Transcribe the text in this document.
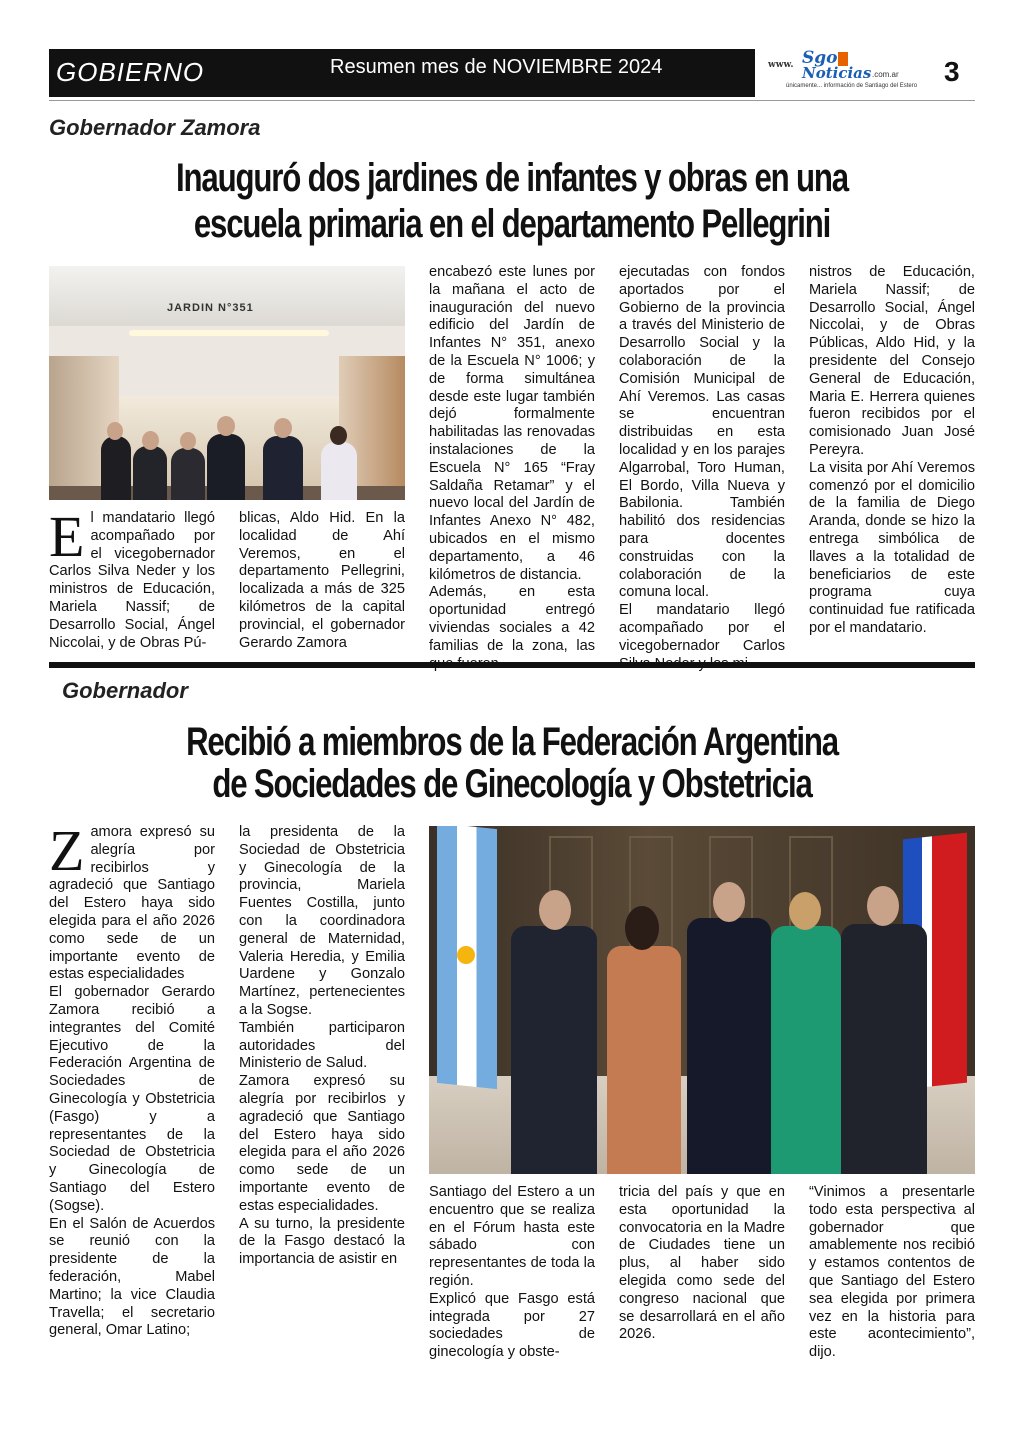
GOBIERNO	Resumen mes de NOVIEMBRE 2024	www. Sgo
Noticias .com.ar
únicamente... información de Santiago del Estero 3
Gobernador Zamora
Inauguró dos jardines de infantes y obras en una
escuela primaria en el departamento Pellegrini
JARDIN N°351
E l mandatario llegó acompañado por el vicegobernador Carlos Silva Neder y los ministros de Educación, Mariela Nassif; de Desarrollo Social, Ángel Niccolai, y de Obras Pú-

blicas, Aldo Hid. En la localidad de Ahí Veremos, en el departamento Pellegrini, localizada a más de 325 kilómetros de la capital provincial, el gobernador Gerardo Zamora

encabezó este lunes por la mañana el acto de inauguración del nuevo edificio del Jardín de Infantes N° 351, anexo de la Escuela N° 1006; y de forma simultánea desde este lugar también dejó formalmente habilitadas las renovadas instalaciones de la Escuela N° 165 “Fray Saldaña Retamar” y el nuevo local del Jardín de Infantes Anexo N° 482, ubicados en el mismo departamento, a 46 kilómetros de distancia.

Además, en esta oportunidad entregó viviendas sociales a 42 familias de la zona, las

ejecutadas con fondos aportados por el Gobierno de la provincia a través del Ministerio de Desarrollo Social y la colaboración de la Comisión Municipal de Ahí Veremos. Las casas se encuentran distribuidas en esta localidad y en los parajes Algarrobal, Toro Human, El Bordo, Villa Nueva y Babilonia. También habilitó dos residencias para docentes construidas con la colaboración de la comuna local.

El mandatario llegó acompañado por el vicegobernador Carlos

nistros de Educación, Mariela Nassif; de Desarrollo Social, Ángel Niccolai, y de Obras Públicas, Aldo Hid, y la presidente del Consejo General de Educación, Maria E. Herrera quienes fueron recibidos por el comisionado Juan José Pereyra.

La visita por Ahí Veremos comenzó por el domicilio de la familia de Diego Aranda, donde se hizo la entrega simbólica de llaves a la totalidad de beneficiarios de este programa cuya continuidad fue ratificada por el mandatario.

Gobernador
Recibió a miembros de la Federación Argentina
de Sociedades de Ginecología y Obstetricia
Z amora expresó su alegría por recibirlos y agradeció que Santiago del Estero haya sido elegida para el año 2026 como sede de un importante evento de estas especialidades

El gobernador Gerardo Zamora recibió a integrantes del Comité Ejecutivo de la Federación Argentina de Sociedades de Ginecología y Obstetricia (Fasgo) y a representantes de la Sociedad de Obstetricia y Ginecología de Santiago del Estero (Sogse).

En el Salón de Acuerdos se reunió con la presidente de la federación, Mabel Martino; la vice Claudia Travella; el secretario general, Omar Latino;

la presidenta de la Sociedad de Obstetricia y Ginecología de la provincia, Mariela Fuentes Costilla, junto con la coordinadora general de Maternidad, Valeria Heredia, y Emilia Uardene y Gonzalo Martínez, pertenecientes a la Sogse.

También participaron autoridades del Ministerio de Salud.

Zamora expresó su alegría por recibirlos y agradeció que Santiago del Estero haya sido elegida para el año 2026 como sede de un importante evento de estas especialidades.

A su turno, la presidente de la Fasgo destacó la importancia de asistir en

Santiago del Estero a un encuentro que se realiza en el Fórum hasta este sábado con representantes de toda la región.

Explicó que Fasgo está integrada por 27 sociedades de ginecología y obste-

tricia del país y que en esta oportunidad la convocatoria en la Madre de Ciudades tiene un plus, al haber sido elegida como sede del congreso nacional que se desarrollará en el año 2026.

“Vinimos a presentarle todo esta perspectiva al gobernador que amablemente nos recibió y estamos contentos de que Santiago del Estero sea elegida por primera vez en la historia para este acontecimiento”, dijo.
